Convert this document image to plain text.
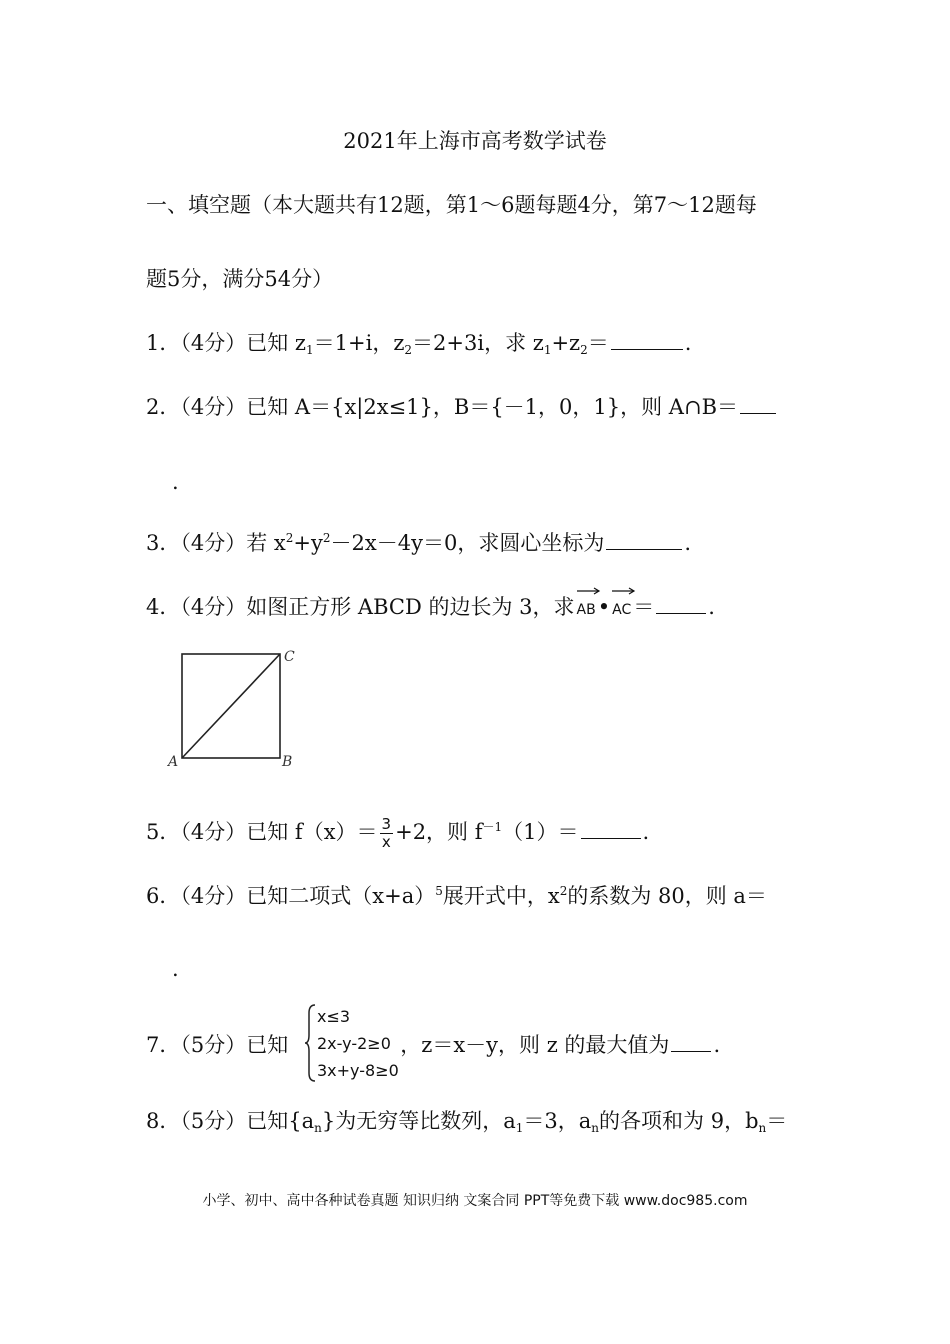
2021年上海市高考数学试卷
一、填空题（本大题共有12题，第1～6题每题4分，第7～12题每
题5分，满分54分）
1．（4分）已知 $z_1=1+i$，$z_2=2+3i$，求 $z_1+z_2=$	.
2．（4分）已知 A＝{x|2x≤1}，B＝{－1，0，1}，则 A∩B＝
.
3．（4分）若 $x^2+y^2-2x-4y=0$，求圆心坐标为	.
4．（4分）如图正方形 ABCD 的边长为 3，求 AB• AC＝	.
A	B
C
5．（4分）已知 $f(x)= \frac{3}{x} +2$，则 $f^{-1}(1)=$	.
6．（4分）已知二项式$(x+a)^5$展开式中，$x^2$的系数为 80，则 a＝
.
7．（5分）已知	，z＝x－y，则 z 的最大值为 .
x≤3
2x-y-2≥0
3x+y-8≥0
8．（5分）已知$\{a_n\}$为无穷等比数列，$a_1=3$，$a_n$的各项和为 9，$b_n=$
小学、初中、高中各种试卷真题 知识归纳 文案合同 PPT等免费下载 www.doc985.com
